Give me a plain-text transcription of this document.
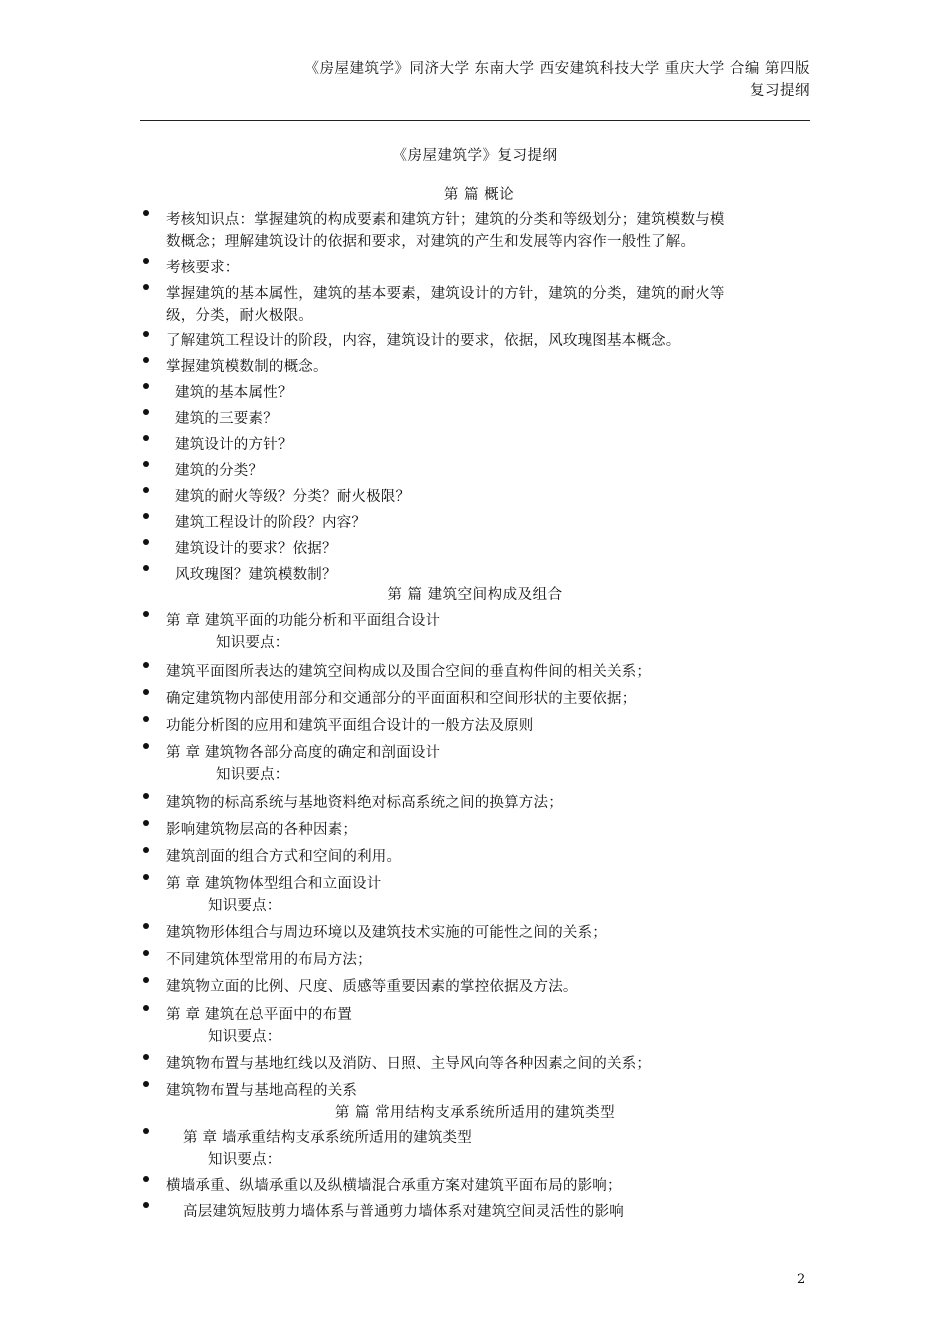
《房屋建筑学》同济大学 东南大学 西安建筑科技大学 重庆大学 合编 第四版
复习提纲
《房屋建筑学》复习提纲
第 篇 概论
考核知识点：掌握建筑的构成要素和建筑方针；建筑的分类和等级划分；建筑模数与模
数概念；理解建筑设计的依据和要求，对建筑的产生和发展等内容作一般性了解。
考核要求：
掌握建筑的基本属性，建筑的基本要素，建筑设计的方针，建筑的分类，建筑的耐火等
级，分类，耐火极限。
了解建筑工程设计的阶段，内容，建筑设计的要求，依据，风玫瑰图基本概念。
掌握建筑模数制的概念。
建筑的基本属性？
建筑的三要素？
建筑设计的方针？
建筑的分类？
建筑的耐火等级？分类？耐火极限？
建筑工程设计的阶段？内容？
建筑设计的要求？依据？
风玫瑰图？建筑模数制？
第 篇 建筑空间构成及组合
第 章 建筑平面的功能分析和平面组合设计
知识要点：
建筑平面图所表达的建筑空间构成以及围合空间的垂直构件间的相关关系；
确定建筑物内部使用部分和交通部分的平面面积和空间形状的主要依据；
功能分析图的应用和建筑平面组合设计的一般方法及原则
第 章 建筑物各部分高度的确定和剖面设计
知识要点：
建筑物的标高系统与基地资料绝对标高系统之间的换算方法；
影响建筑物层高的各种因素；
建筑剖面的组合方式和空间的利用。
第 章 建筑物体型组合和立面设计
知识要点：
建筑物形体组合与周边环境以及建筑技术实施的可能性之间的关系；
不同建筑体型常用的布局方法；
建筑物立面的比例、尺度、质感等重要因素的掌控依据及方法。
第 章 建筑在总平面中的布置
知识要点：
建筑物布置与基地红线以及消防、日照、主导风向等各种因素之间的关系；
建筑物布置与基地高程的关系
第 篇 常用结构支承系统所适用的建筑类型
第 章 墙承重结构支承系统所适用的建筑类型
知识要点：
横墙承重、纵墙承重以及纵横墙混合承重方案对建筑平面布局的影响；
高层建筑短肢剪力墙体系与普通剪力墙体系对建筑空间灵活性的影响
2
